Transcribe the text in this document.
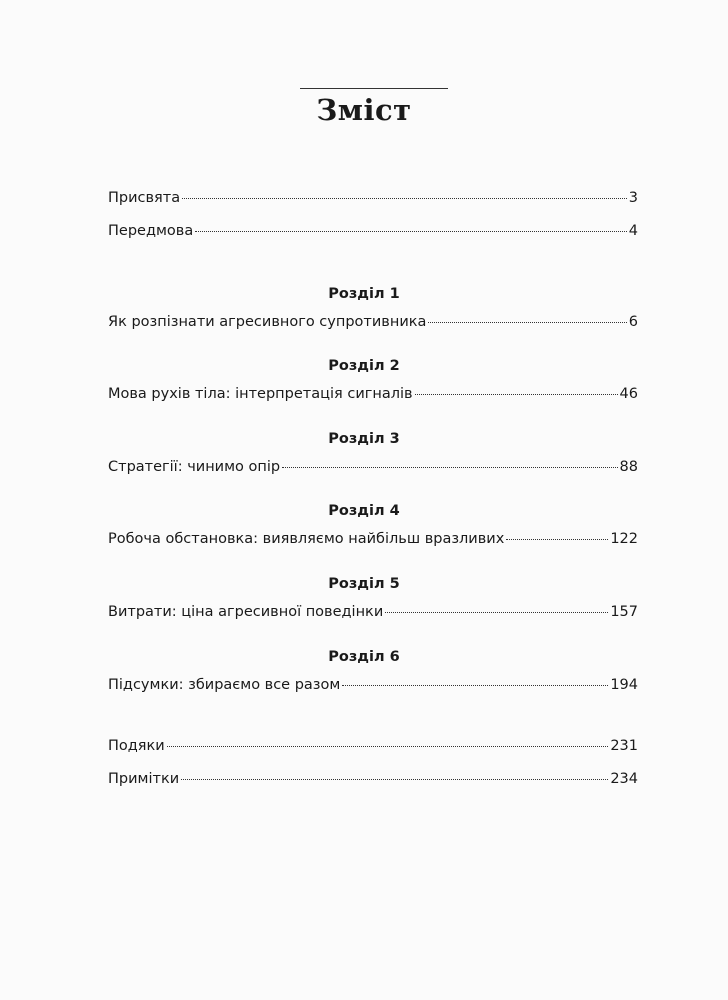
Зміст
Присвята	3
Передмова	4
Розділ 1
Як розпізнати агресивного супротивника	6
Розділ 2
Мова рухів тіла: інтерпретація сигналів	46
Розділ 3
Стратегії: чинимо опір	88
Розділ 4
Робоча обстановка: виявляємо найбільш вразливих	122
Розділ 5
Витрати: ціна агресивної поведінки	157
Розділ 6
Підсумки: збираємо все разом	194
Подяки	231
Примітки	234
